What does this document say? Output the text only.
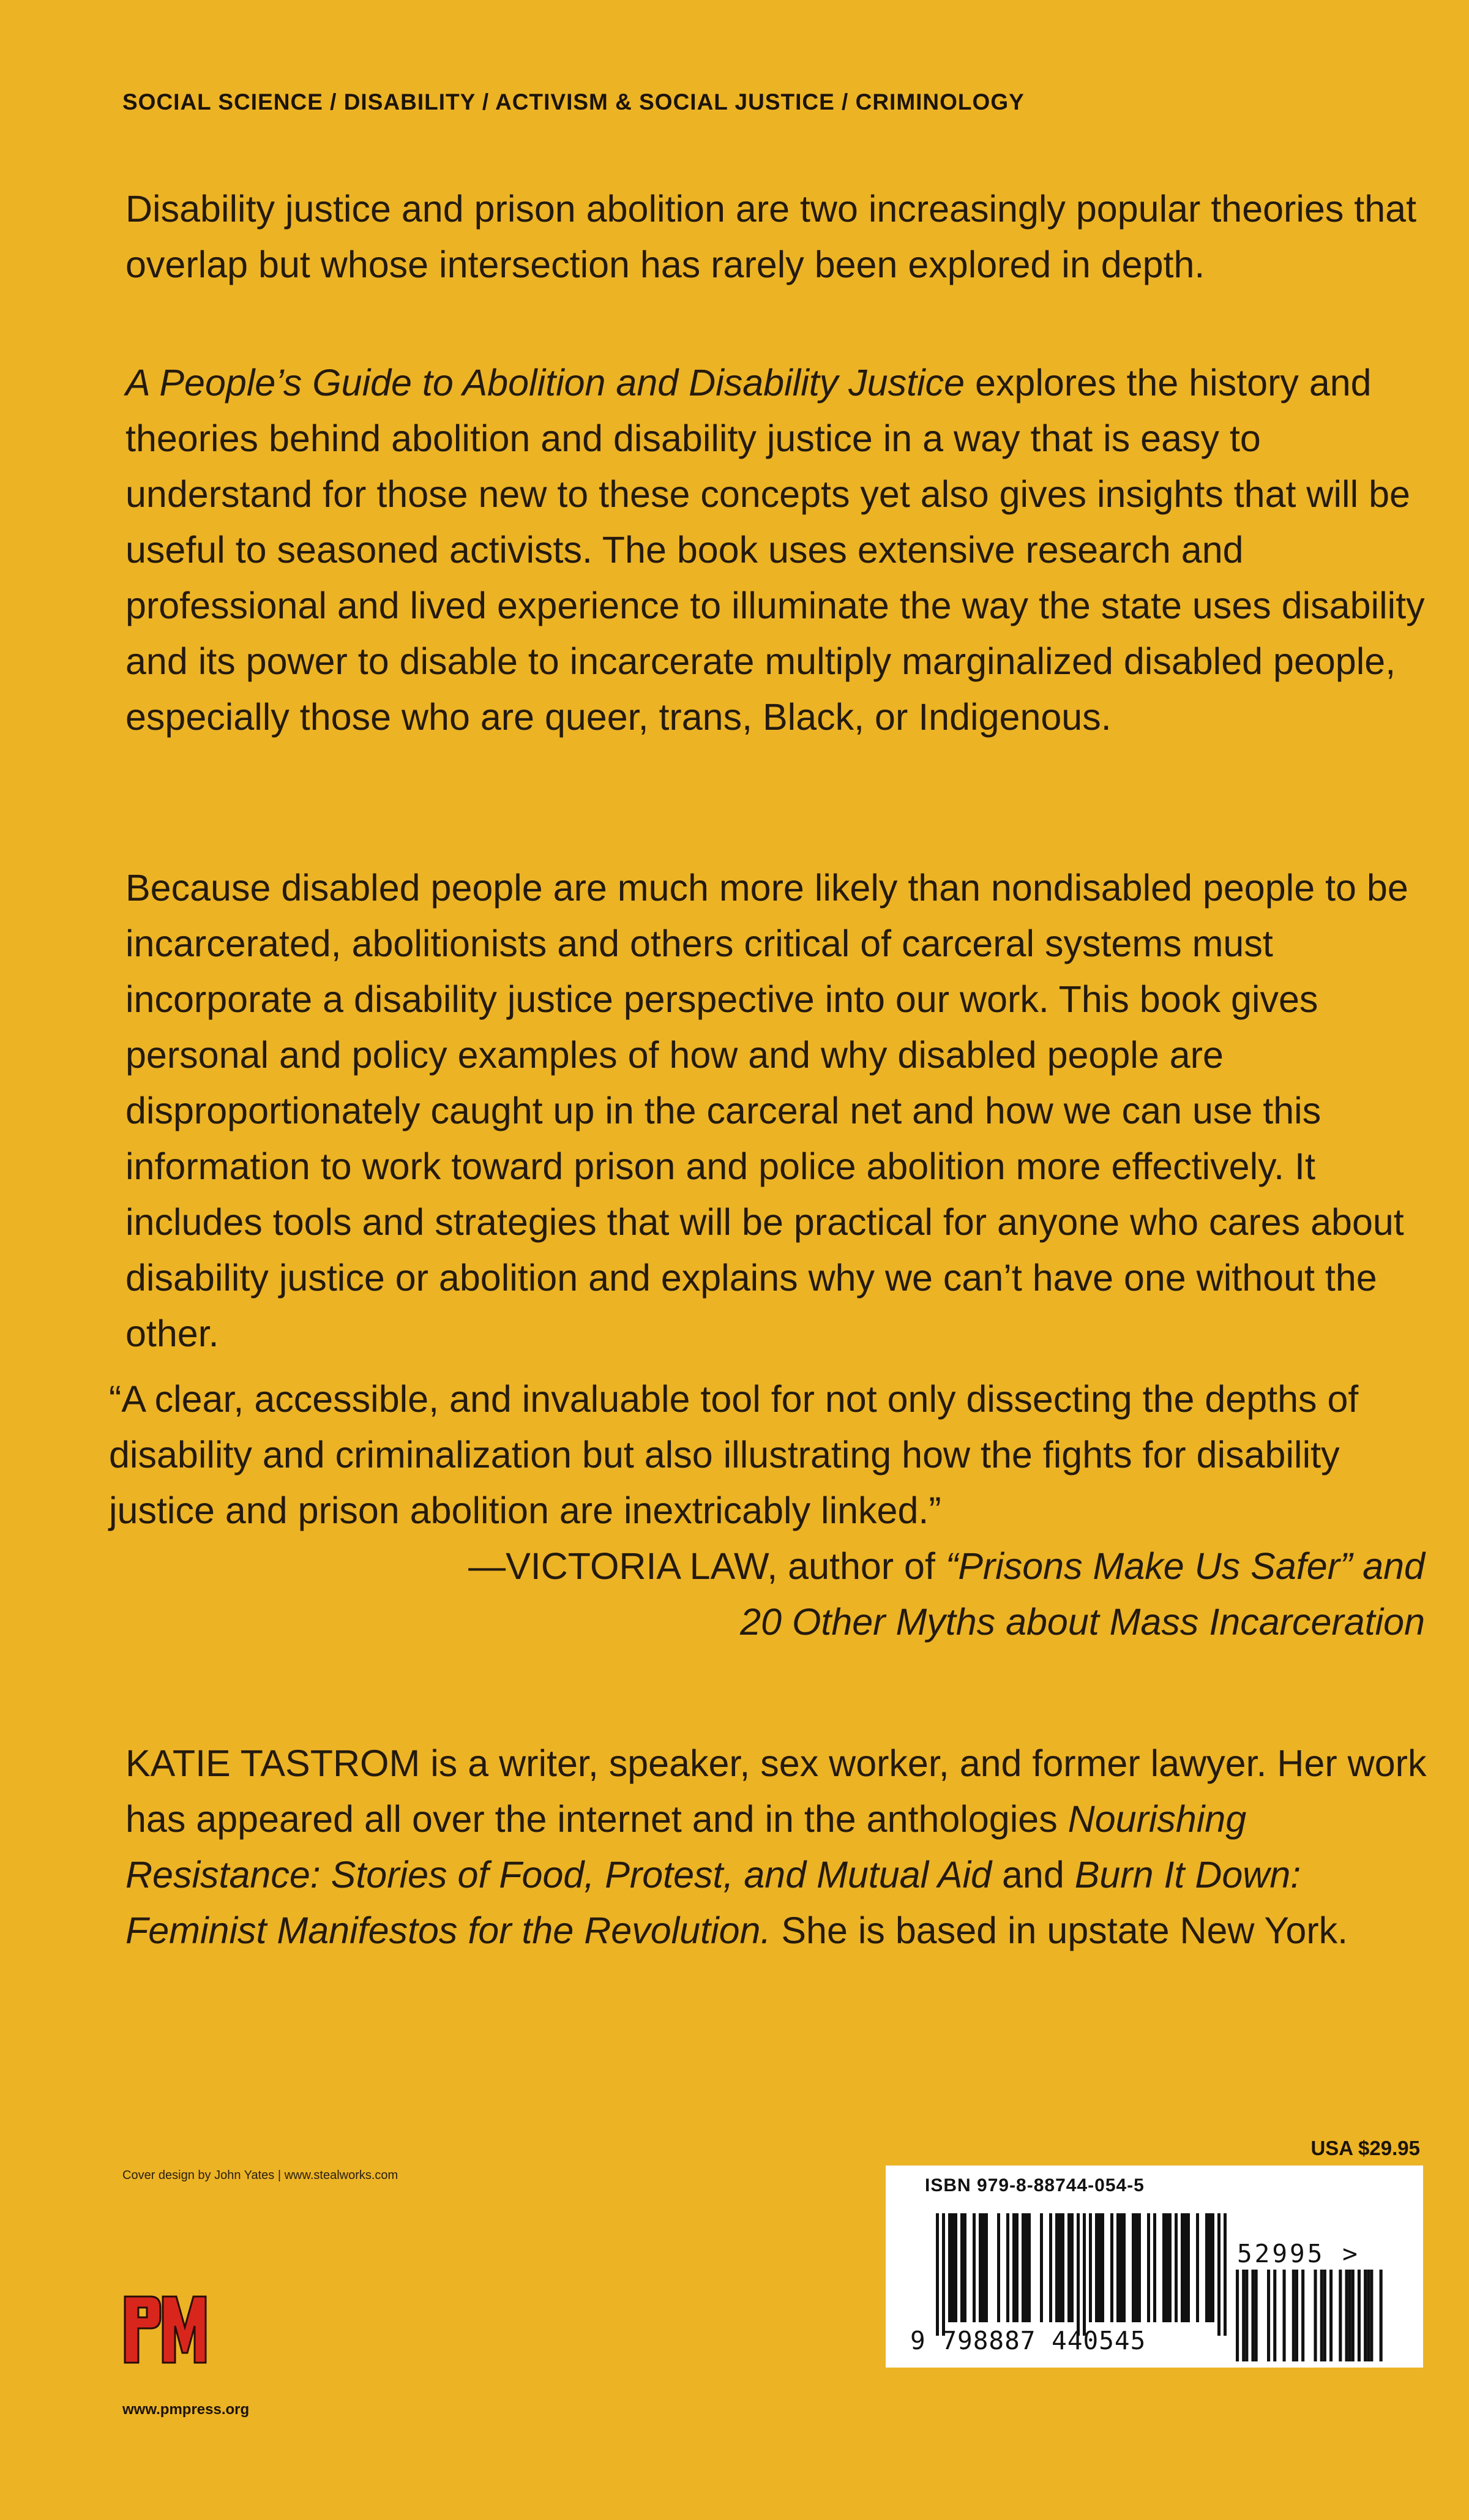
SOCIAL SCIENCE / DISABILITY / ACTIVISM & SOCIAL JUSTICE / CRIMINOLOGY

Disability justice and prison abolition are two increasingly popular theories that overlap but whose intersection has rarely been explored in depth.

A People’s Guide to Abolition and Disability Justice explores the history and theories behind abolition and disability justice in a way that is easy to understand for those new to these concepts yet also gives insights that will be useful to seasoned activists. The book uses extensive research and professional and lived experience to illuminate the way the state uses disability and its power to disable to incarcerate multiply marginalized disabled people, especially those who are queer, trans, Black, or Indigenous.

Because disabled people are much more likely than nondisabled people to be incarcerated, abolitionists and others critical of carceral systems must incorporate a disability justice perspective into our work. This book gives personal and policy examples of how and why disabled people are disproportionately caught up in the carceral net and how we can use this information to work toward prison and police abolition more effectively. It includes tools and strategies that will be practical for anyone who cares about disability justice or abolition and explains why we can’t have one without the other.

“A clear, accessible, and invaluable tool for not only dissecting the depths of disability and criminalization but also illustrating how the fights for disability justice and prison abolition are inextricably linked.”

—VICTORIA LAW, author of “Prisons Make Us Safer” and

20 Other Myths about Mass Incarceration

KATIE TASTROM is a writer, speaker, sex worker, and former lawyer. Her work has appeared all over the internet and in the anthologies Nourishing Resistance: Stories of Food, Protest, and Mutual Aid and Burn It Down: Feminist Manifestos for the Revolution. She is based in upstate New York.

Cover design by John Yates | www.stealworks.com
www.pmpress.org
USA $29.95
ISBN 979-8-88744-054-5
9 798887 440545
52995 >
